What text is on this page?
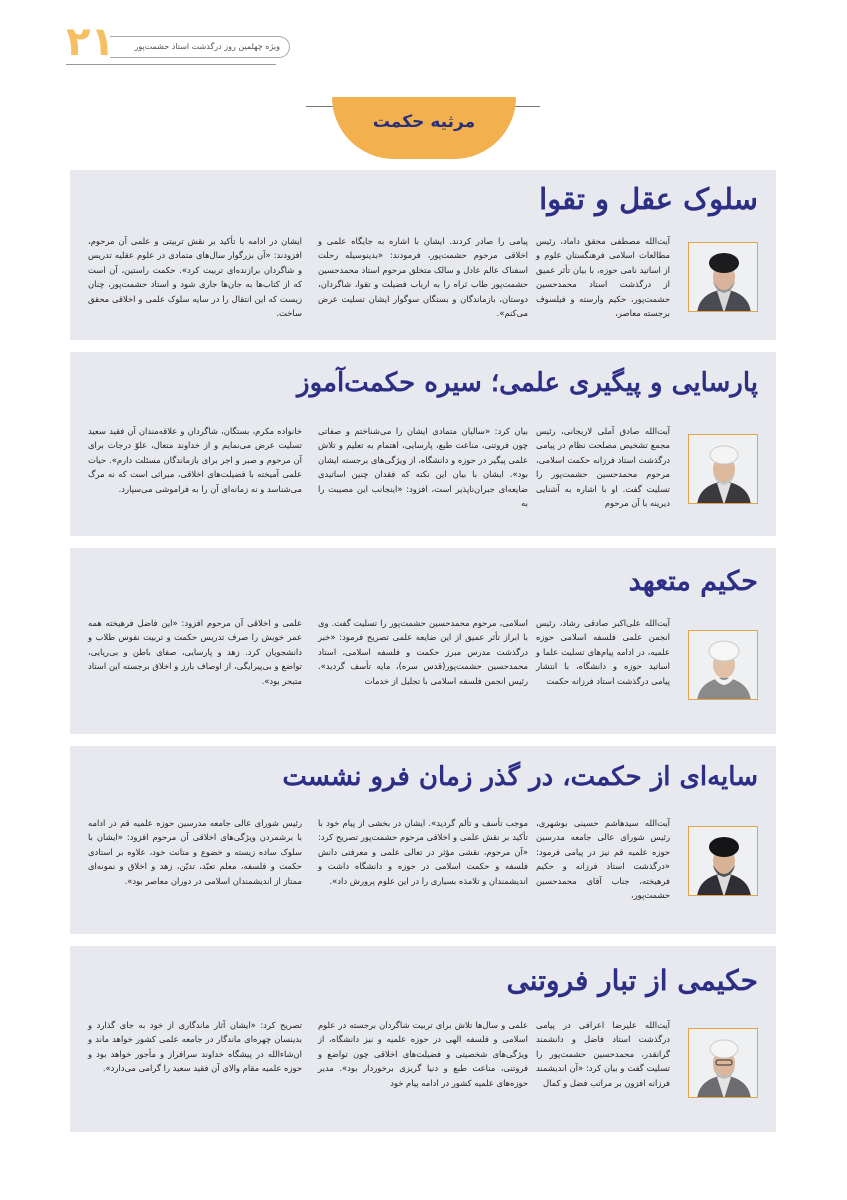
۲۱ ویژه چهلمین روز درگذشت استاد حشمت‌پور
مرثیه حکمت
سلوک عقل و تقوا
آیت‌الله مصطفی محقق داماد، رئیس مطالعات اسلامی فرهنگستان علوم و از اساتید نامی حوزه، با بیان تأثر عمیق از درگذشت استاد محمدحسین حشمت‌پور، حکیم وارسته و فیلسوف برجسته معاصر،
پیامی را صادر کردند. ایشان با اشاره به جایگاه علمی و اخلاقی مرحوم حشمت‌پور، فرمودند: «بدینوسیله رحلت اسفناک عالم عادل و سالک متخلق مرحوم استاد محمدحسین حشمت‌پور طاب ثراه را به ارباب فضیلت و تقوا، شاگردان، دوستان، بازماندگان و بستگان سوگوار ایشان تسلیت عرض می‌کنم».
ایشان در ادامه با تأکید بر نقش تربیتی و علمی آن مرحوم، افزودند: «آن بزرگوار سال‌های متمادی در علوم عقلیه تدریس و شاگردان برازنده‌ای تربیت کرد». حکمت راستین، آن است که از کتاب‌ها به جان‌ها جاری شود و استاد حشمت‌پور، چنان زیست که این انتقال را در سایه سلوک علمی و اخلاقی محقق ساخت.
پارسایی و پیگیری علمی؛ سیره حکمت‌آموز
آیت‌الله صادق آملی لاریجانی، رئیس مجمع تشخیص مصلحت نظام در پیامی درگذشت استاد فرزانه حکمت اسلامی، مرحوم محمدحسین حشمت‌پور را تسلیت گفت. او با اشاره به آشنایی دیرینه با آن مرحوم
بیان کرد: «سالیان متمادی ایشان را می‌شناختم و صفاتی چون فروتنی، مناعت طبع، پارسایی، اهتمام به تعلیم و تلاش علمی پیگیر در حوزه و دانشگاه، از ویژگی‌های برجسته ایشان بود». ایشان با بیان این نکته که فقدان چنین اساتیدی ضایعه‌ای جبران‌ناپذیر است، افزود: «اینجانب این مصیبت را به
خانواده مکرم، بستگان، شاگردان و علاقه‌مندان آن فقید سعید تسلیت عرض می‌نمایم و از خداوند متعال، علوّ درجات برای آن مرحوم و صبر و اجر برای بازماندگان مسئلت دارم». حیات علمی آمیخته با فضیلت‌های اخلاقی، میراثی است که نه مرگ می‌شناسد و نه زمانه‌ای آن را به فراموشی می‌سپارد.
حکیم متعهد
آیت‌الله علی‌اکبر صادقی رشاد، رئیس انجمن علمی فلسفه اسلامی حوزه علمیه، در ادامه پیام‌های تسلیت علما و اساتید حوزه و دانشگاه، با انتشار پیامی درگذشت استاد فرزانه حکمت
اسلامی، مرحوم محمدحسین حشمت‌پور را تسلیت گفت. وی با ابراز تأثر عمیق از این ضایعه علمی تصریح فرمود: «خبر درگذشت مدرس مبرز حکمت و فلسفه اسلامی، استاد محمدحسین حشمت‌پور(قدس سره)، مایه تأسف گردید». رئیس انجمن فلسفه اسلامی با تجلیل از خدمات
علمی و اخلاقی آن مرحوم افزود: «این فاضل فرهیخته همه عمر خویش را صرف تدریس حکمت و تربیت نفوس طلاب و دانشجویان کرد. زهد و پارسایی، صفای باطن و بی‌ریایی، تواضع و بی‌پیرایگی، از اوصاف بارز و اخلاق برجسته این استاد متبحر بود».
سایه‌ای از حکمت، در گذر زمان فرو نشست
آیت‌الله سیدهاشم حسینی بوشهری، رئیس شورای عالی جامعه مدرسین حوزه علمیه قم نیز در پیامی فرمود: «درگذشت استاد فرزانه و حکیم فرهیخته، جناب آقای محمدحسین حشمت‌پور،
موجب تأسف و تألم گردید». ایشان در بخشی از پیام خود با تأکید بر نقش علمی و اخلاقی مرحوم حشمت‌پور تصریح کرد: «آن مرحوم، نقشی مؤثر در تعالی علمی و معرفتی دانش فلسفه و حکمت اسلامی در حوزه و دانشگاه داشت و اندیشمندان و تلامذه بسیاری را در این علوم پرورش داد».
رئیس شورای عالی جامعه مدرسین حوزه علمیه قم در ادامه با برشمردن ویژگی‌های اخلاقی آن مرحوم افزود: «ایشان با سلوک ساده زیسته و خضوع و متانت خود، علاوه بر استادی حکمت و فلسفه، معلم تعبّد، تدیّن، زهد و اخلاق و نمونه‌ای ممتاز از اندیشمندان اسلامی در دوران معاصر بود».
حکیمی از تبار فروتنی
آیت‌الله علیرضا اعرافی در پیامی درگذشت استاد فاضل و دانشمند گرانقدر، محمدحسین حشمت‌پور را تسلیت گفت و بیان کرد: «آن اندیشمند فرزانه افزون بر مراتب فضل و کمال
علمی و سال‌ها تلاش برای تربیت شاگردان برجسته در علوم اسلامی و فلسفه الهی در حوزه علمیه و نیز دانشگاه، از ویژگی‌های شخصیتی و فضیلت‌های اخلاقی چون تواضع و فروتنی، مناعت طبع و دنیا گریزی برخوردار بود». مدیر حوزه‌های علمیه کشور در ادامه پیام خود
تصریح کرد: «ایشان آثار ماندگاری از خود به جای گذارد و بدینسان چهره‌ای ماندگار در جامعه علمی کشور خواهد ماند و ان‌شاءالله در پیشگاه خداوند سرافراز و مأجور خواهد بود و حوزه علمیه مقام والای آن فقید سعید را گرامی می‌دارد».
